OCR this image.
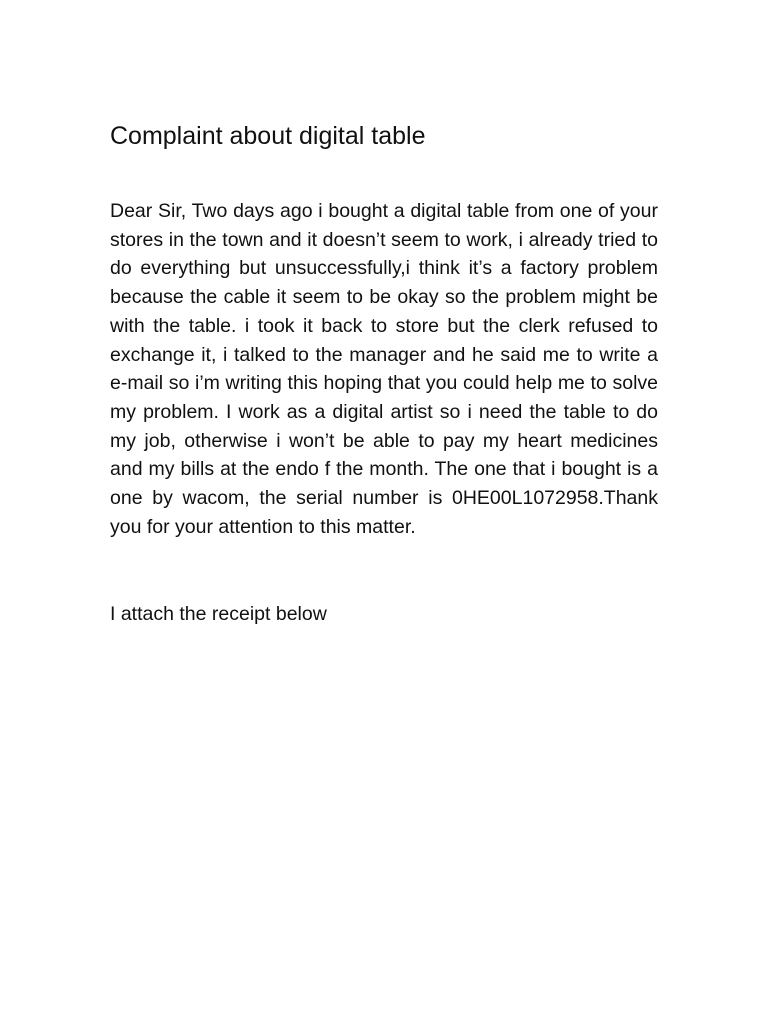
Complaint about digital table

Dear Sir, Two days ago i bought a digital table from one of your stores in the town and it doesn’t seem to work, i already tried to do everything but unsuccessfully,i think it’s a factory problem because the cable it seem to be okay so the problem might be with the table. i took it back to store but the clerk refused to exchange it, i talked to the manager and he said me to write a e-mail so i’m writing this hoping that you could help me to solve my problem. I work as a digital artist so i need the table to do my job, otherwise i won’t be able to pay my heart medicines and my bills at the endo f the month. The one that i bought is a one by wacom, the serial number is 0HE00L1072958.Thank you for your attention to this matter.

I attach the receipt below
